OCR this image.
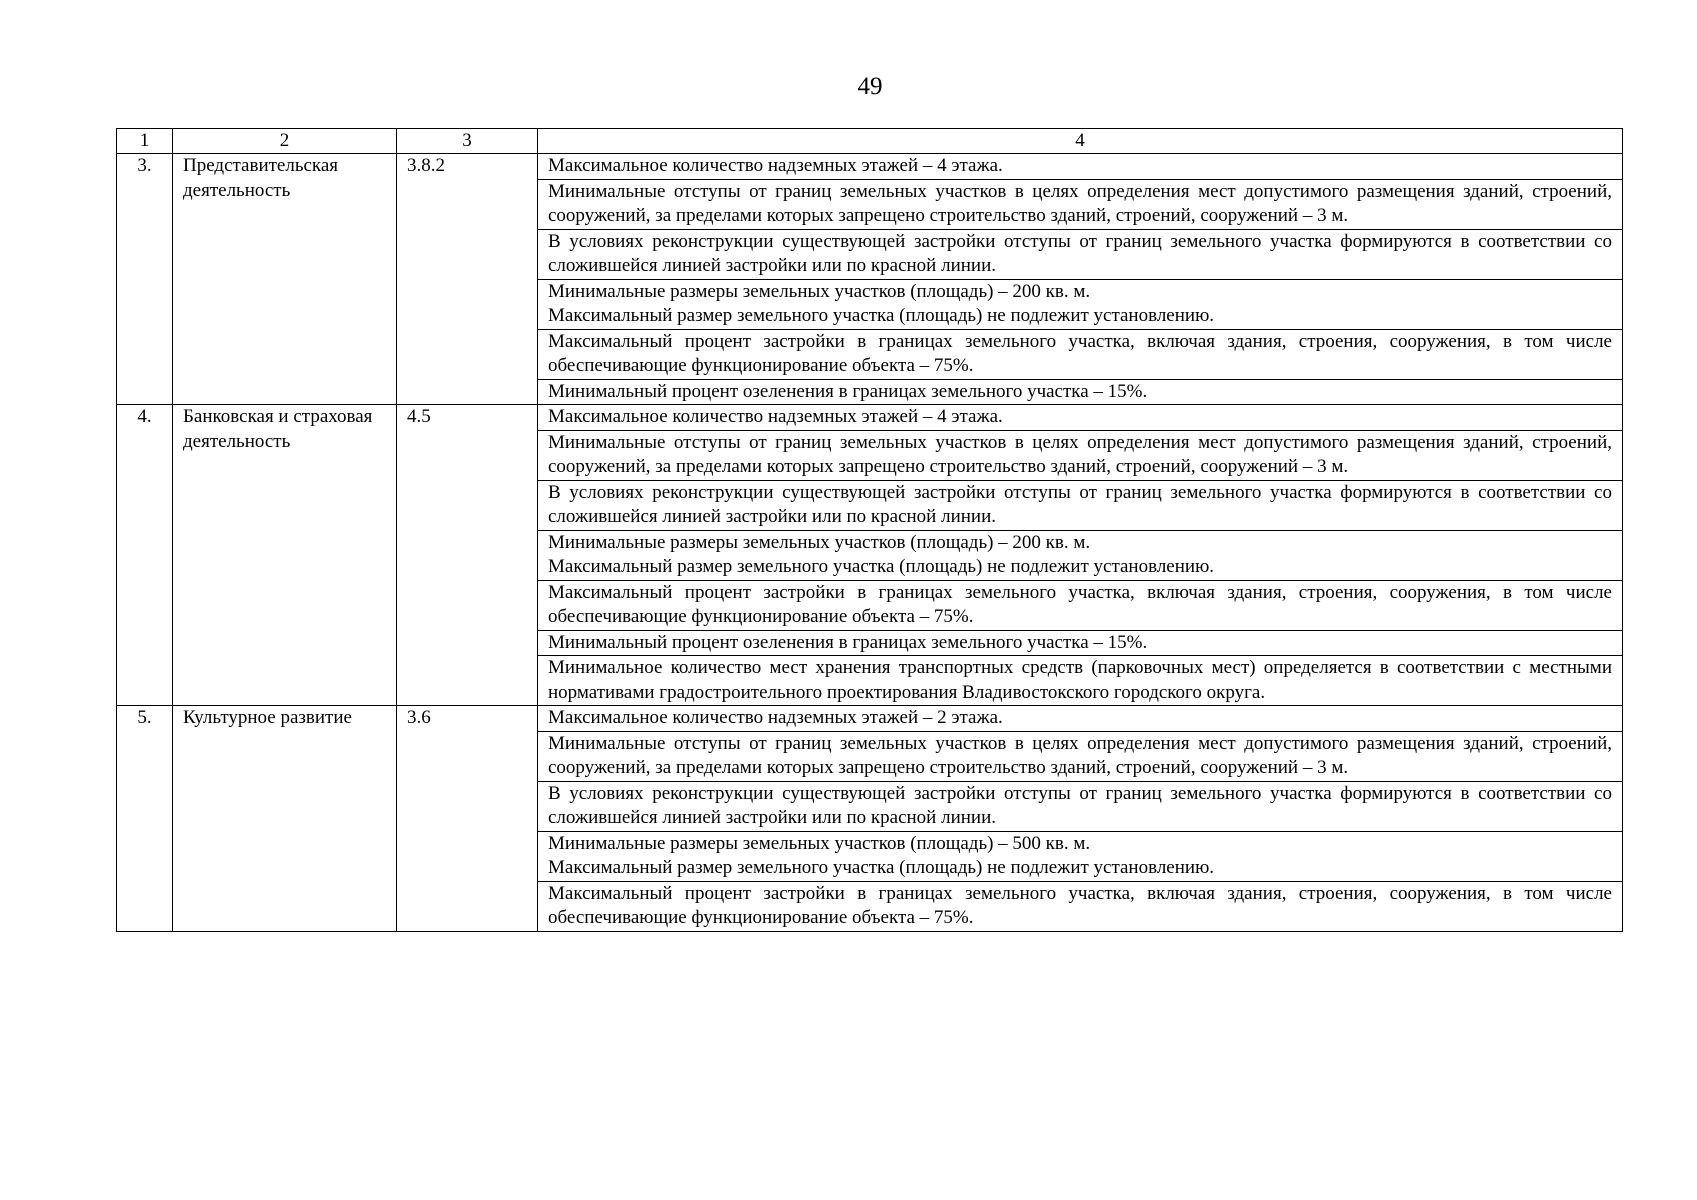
49
1	2	3	4
3.	Представительская деятельность	3.8.2	Максимальное количество надземных этажей – 4 этажа.

			Минимальные отступы от границ земельных участков в целях определения мест допустимого размещения зданий, строений, сооружений, за пределами которых запрещено строительство зданий, строений, сооружений – 3 м.

			В условиях реконструкции существующей застройки отступы от границ земельного участка формируются в соответствии со сложившейся линией застройки или по красной линии.

			Минимальные размеры земельных участков (площадь) – 200 кв. м.
Максимальный размер земельного участка (площадь) не подлежит установлению.

			Максимальный процент застройки в границах земельного участка, включая здания, строения, сооружения, в том числе обеспечивающие функционирование объекта – 75%.

			Минимальный процент озеленения в границах земельного участка – 15%.

4.	Банковская и страховая деятельность	4.5	Максимальное количество надземных этажей – 4 этажа.

			Минимальные отступы от границ земельных участков в целях определения мест допустимого размещения зданий, строений, сооружений, за пределами которых запрещено строительство зданий, строений, сооружений – 3 м.

			В условиях реконструкции существующей застройки отступы от границ земельного участка формируются в соответствии со сложившейся линией застройки или по красной линии.

			Минимальные размеры земельных участков (площадь) – 200 кв. м.
Максимальный размер земельного участка (площадь) не подлежит установлению.

			Максимальный процент застройки в границах земельного участка, включая здания, строения, сооружения, в том числе обеспечивающие функционирование объекта – 75%.

			Минимальный процент озеленения в границах земельного участка – 15%.

			Минимальное количество мест хранения транспортных средств (парковочных мест) определяется в соответствии с местными нормативами градостроительного проектирования Владивостокского городского округа.

5.	Культурное развитие	3.6	Максимальное количество надземных этажей – 2 этажа.

			Минимальные отступы от границ земельных участков в целях определения мест допустимого размещения зданий, строений, сооружений, за пределами которых запрещено строительство зданий, строений, сооружений – 3 м.

			В условиях реконструкции существующей застройки отступы от границ земельного участка формируются в соответствии со сложившейся линией застройки или по красной линии.

			Минимальные размеры земельных участков (площадь) – 500 кв. м.
Максимальный размер земельного участка (площадь) не подлежит установлению.

			Максимальный процент застройки в границах земельного участка, включая здания, строения, сооружения, в том числе обеспечивающие функционирование объекта – 75%.
